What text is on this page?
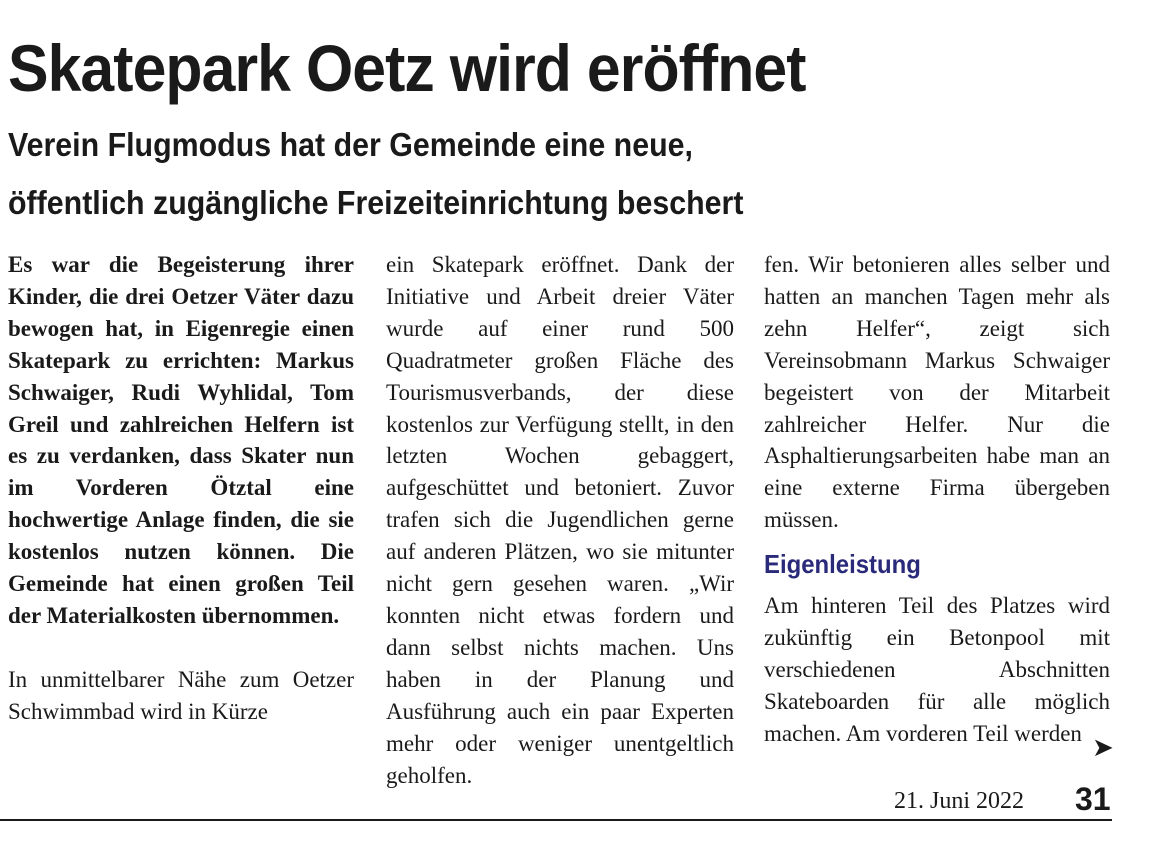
Skatepark Oetz wird eröffnet
Verein Flugmodus hat der Gemeinde eine neue,
öffentlich zugängliche Freizeiteinrichtung beschert

Es war die Begeisterung ihrer Kinder, die drei Oetzer Väter dazu bewogen hat, in Eigenregie einen Skatepark zu errichten: Markus Schwaiger, Rudi Wyhlidal, Tom Greil und zahlreichen Helfern ist es zu verdanken, dass Skater nun im Vorderen Ötztal eine hochwertige Anlage finden, die sie kostenlos nutzen können. Die Gemeinde hat einen großen Teil der Materialkosten übernommen.

In unmittelbarer Nähe zum Oetzer Schwimmbad wird in Kürze

ein Skatepark eröffnet. Dank der Initiative und Arbeit dreier Väter wurde auf einer rund 500 Quadratmeter großen Fläche des Tourismusverbands, der diese kostenlos zur Verfügung stellt, in den letzten Wochen gebaggert, aufgeschüttet und betoniert. Zuvor trafen sich die Jugendlichen gerne auf anderen Plätzen, wo sie mitunter nicht gern gesehen waren. „Wir konnten nicht etwas fordern und dann selbst nichts machen. Uns haben in der Planung und Ausführung auch ein paar Experten mehr oder weniger unentgeltlich geholfen.

fen. Wir betonieren alles selber und hatten an manchen Tagen mehr als zehn Helfer“, zeigt sich Vereinsobmann Markus Schwaiger begeistert von der Mitarbeit zahlreicher Helfer. Nur die Asphaltierungsarbeiten habe man an eine externe Firma übergeben müssen.

Eigenleistung

Am hinteren Teil des Platzes wird zukünftig ein Betonpool mit verschiedenen Abschnitten Skateboarden für alle möglich machen. Am vorderen Teil werden ➤
21. Juni 2022 31
